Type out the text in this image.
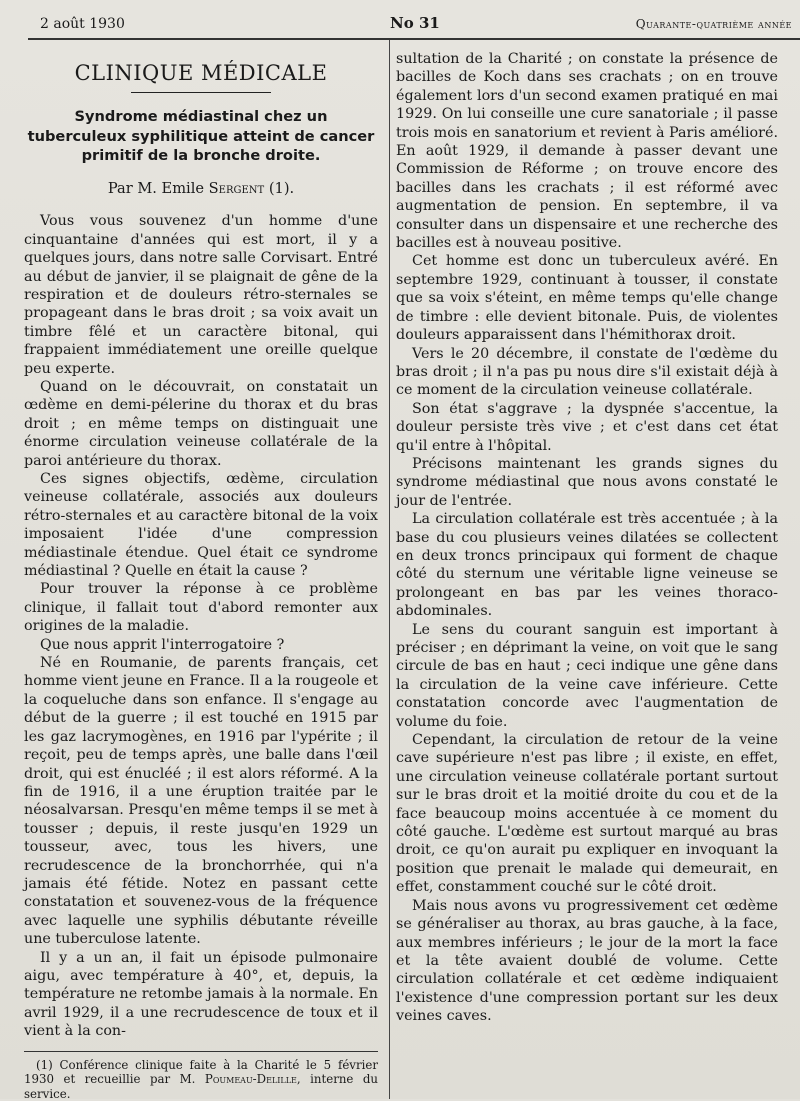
2 août 1930	No 31	Quarante-quatrième année
CLINIQUE MÉDICALE
Syndrome médiastinal chez un tuberculeux syphilitique atteint de cancer primitif de la bronche droite.
Par M. Emile Sergent (1).

Vous vous souvenez d'un homme d'une cinquantaine d'années qui est mort, il y a quelques jours, dans notre salle Corvisart. Entré au début de janvier, il se plaignait de gêne de la respiration et de douleurs rétro-sternales se propageant dans le bras droit ; sa voix avait un timbre fêlé et un caractère bitonal, qui frappaient immédiatement une oreille quelque peu experte.

Quand on le découvrait, on constatait un œdème en demi-pélerine du thorax et du bras droit ; en même temps on distinguait une énorme circulation veineuse collatérale de la paroi antérieure du thorax.

Ces signes objectifs, œdème, circulation veineuse collatérale, associés aux douleurs rétro-sternales et au caractère bitonal de la voix imposaient l'idée d'une compression médiastinale étendue. Quel était ce syndrome médiastinal ? Quelle en était la cause ?

Pour trouver la réponse à ce problème clinique, il fallait tout d'abord remonter aux origines de la maladie.

Que nous apprit l'interrogatoire ?

Né en Roumanie, de parents français, cet homme vient jeune en France. Il a la rougeole et la coqueluche dans son enfance. Il s'engage au début de la guerre ; il est touché en 1915 par les gaz lacrymogènes, en 1916 par l'ypérite ; il reçoit, peu de temps après, une balle dans l'œil droit, qui est énucléé ; il est alors réformé. A la fin de 1916, il a une éruption traitée par le néosalvarsan. Presqu'en même temps il se met à tousser ; depuis, il reste jusqu'en 1929 un tousseur, avec, tous les hivers, une recrudescence de la bronchorrhée, qui n'a jamais été fétide. Notez en passant cette constatation et souvenez-vous de la fréquence avec laquelle une syphilis débutante réveille une tuberculose latente.

Il y a un an, il fait un épisode pulmonaire aigu, avec température à 40°, et, depuis, la température ne retombe jamais à la normale. En avril 1929, il a une recrudescence de toux et il vient à la con-

(1) Conférence clinique faite à la Charité le 5 février 1930 et recueillie par M. Poumeau-Delille, interne du service.

sultation de la Charité ; on constate la présence de bacilles de Koch dans ses crachats ; on en trouve également lors d'un second examen pratiqué en mai 1929. On lui conseille une cure sanatoriale ; il passe trois mois en sanatorium et revient à Paris amélioré. En août 1929, il demande à passer devant une Commission de Réforme ; on trouve encore des bacilles dans les crachats ; il est réformé avec augmentation de pension. En septembre, il va consulter dans un dispensaire et une recherche des bacilles est à nouveau positive.

Cet homme est donc un tuberculeux avéré. En septembre 1929, continuant à tousser, il constate que sa voix s'éteint, en même temps qu'elle change de timbre : elle devient bitonale. Puis, de violentes douleurs apparaissent dans l'hémithorax droit.

Vers le 20 décembre, il constate de l'œdème du bras droit ; il n'a pas pu nous dire s'il existait déjà à ce moment de la circulation veineuse collatérale.

Son état s'aggrave ; la dyspnée s'accentue, la douleur persiste très vive ; et c'est dans cet état qu'il entre à l'hôpital.

Précisons maintenant les grands signes du syndrome médiastinal que nous avons constaté le jour de l'entrée.

La circulation collatérale est très accentuée ; à la base du cou plusieurs veines dilatées se collectent en deux troncs principaux qui forment de chaque côté du sternum une véritable ligne veineuse se prolongeant en bas par les veines thoraco-abdominales.

Le sens du courant sanguin est important à préciser ; en déprimant la veine, on voit que le sang circule de bas en haut ; ceci indique une gêne dans la circulation de la veine cave inférieure. Cette constatation concorde avec l'augmentation de volume du foie.

Cependant, la circulation de retour de la veine cave supérieure n'est pas libre ; il existe, en effet, une circulation veineuse collatérale portant surtout sur le bras droit et la moitié droite du cou et de la face beaucoup moins accentuée à ce moment du côté gauche. L'œdème est surtout marqué au bras droit, ce qu'on aurait pu expliquer en invoquant la position que prenait le malade qui demeurait, en effet, constamment couché sur le côté droit.

Mais nous avons vu progressivement cet œdème se généraliser au thorax, au bras gauche, à la face, aux membres inférieurs ; le jour de la mort la face et la tête avaient doublé de volume. Cette circulation collatérale et cet œdème indiquaient l'existence d'une compression portant sur les deux veines caves.
